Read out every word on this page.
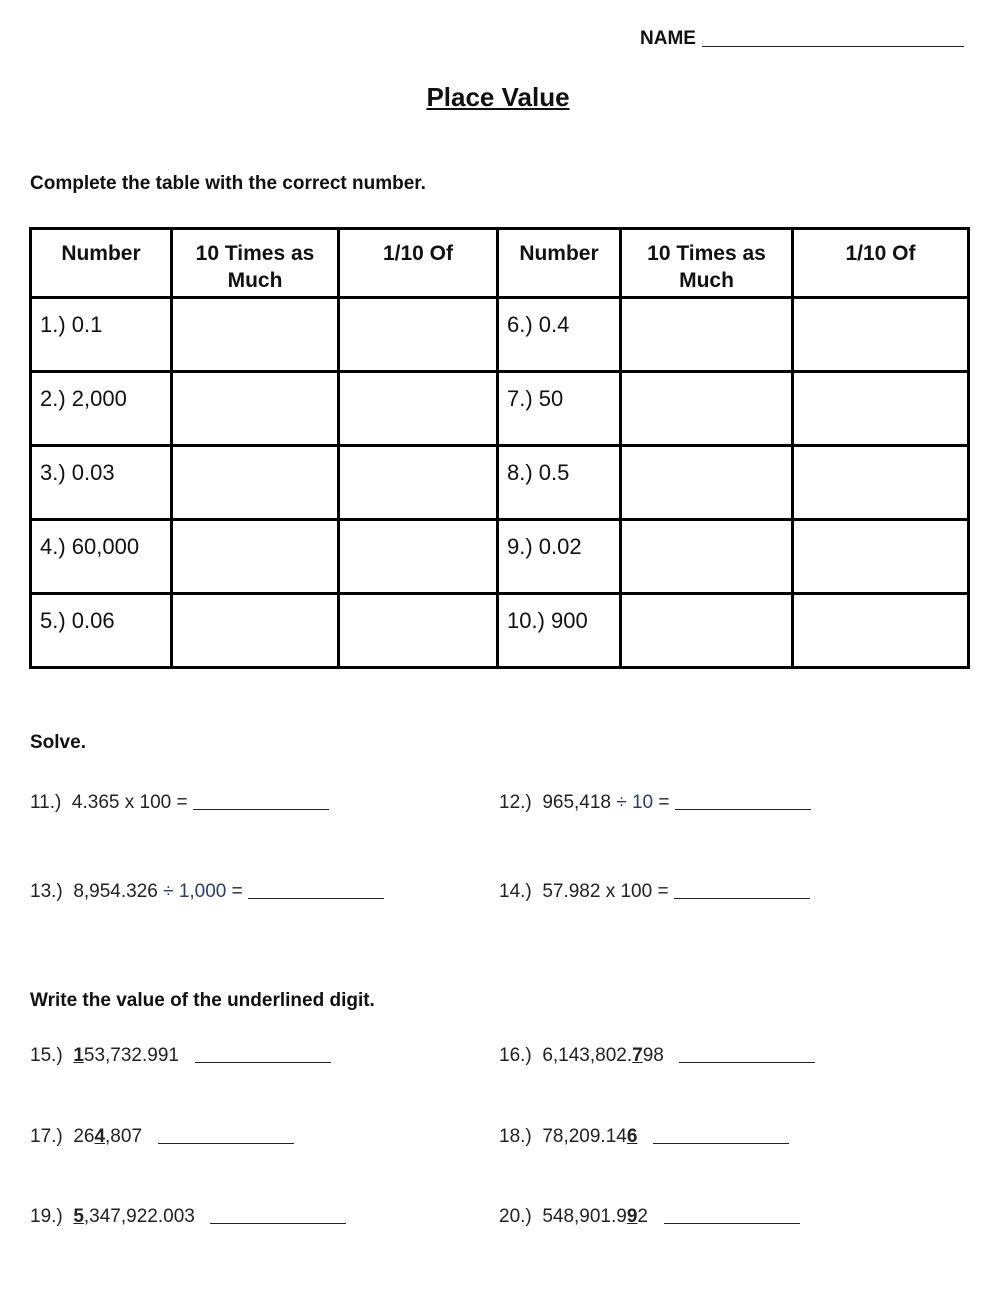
NAME
Place Value
Complete the table with the correct number.
Number	10 Times as Much	1/10 Of	Number	10 Times as Much	1/10 Of
1.) 0.1			6.) 0.4		
2.) 2,000			7.) 50		
3.) 0.03			8.) 0.5		
4.) 60,000			9.) 0.02		
5.) 0.06			10.) 900		
Solve.
11.) 4.365 x 100 =	12.) 965,418 ÷ 10 =
13.) 8,954.326 ÷ 1,000 =	14.) 57.982 x 100 =
Write the value of the underlined digit.
15.) 153,732.991	16.) 6,143,802.798
17.) 264,807	18.) 78,209.146
19.) 5,347,922.003	20.) 548,901.992
